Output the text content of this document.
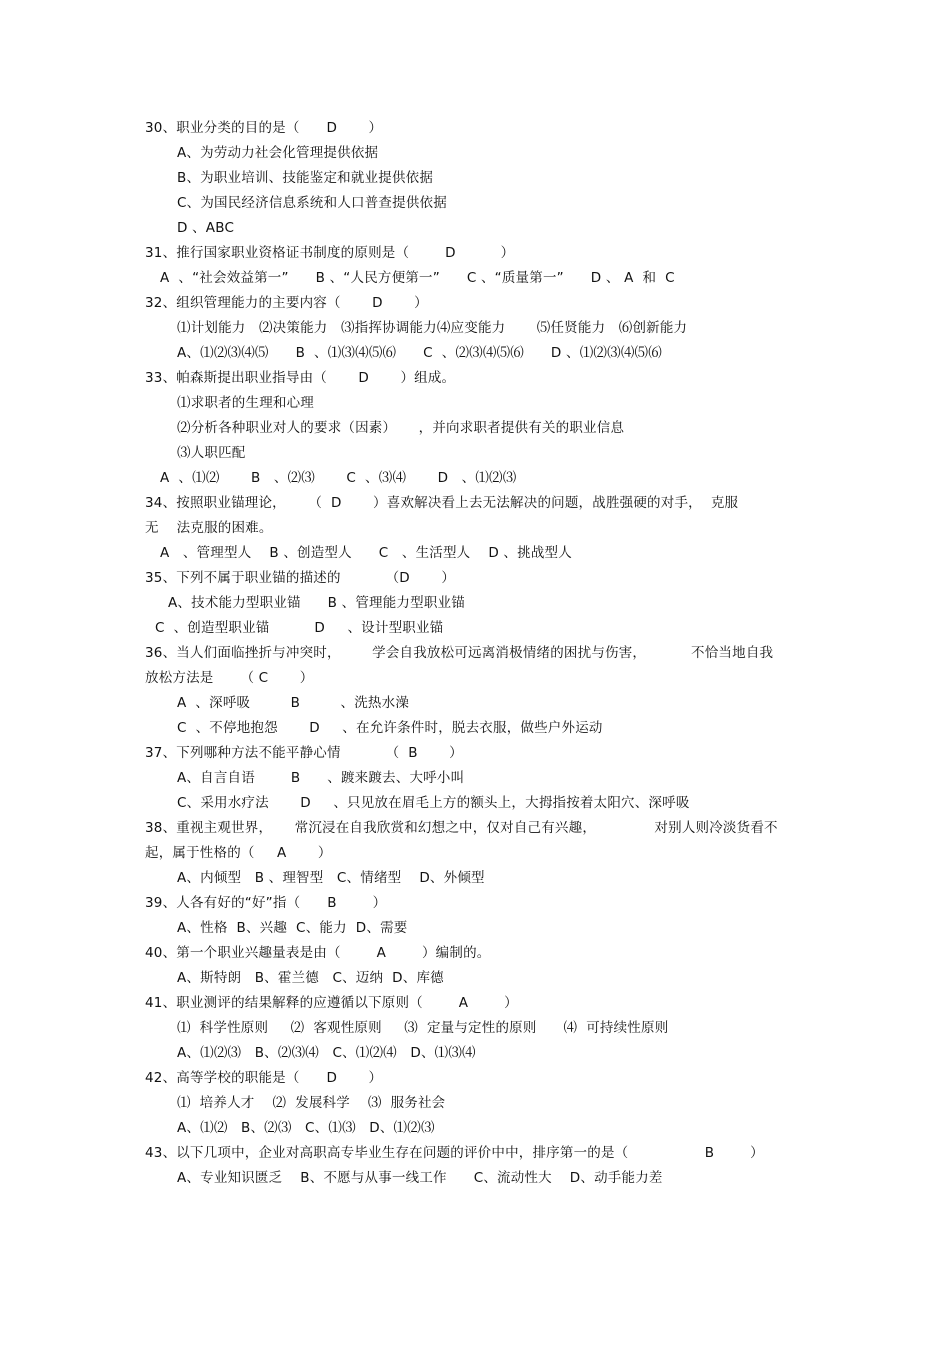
30、职业分类的目的是（      D       ）
A、为劳动力社会化管理提供依据
B、为职业培训、技能鉴定和就业提供依据
C、为国民经济信息系统和人口普查提供依据
D 、ABC
31、推行国家职业资格证书制度的原则是（        D          ）
A  、“社会效益第一”      B 、“人民方便第一”      C 、“质量第一”      D 、 A  和  C
32、组织管理能力的主要内容（       D       ）
⑴计划能力   ⑵决策能力   ⑶指挥协调能力⑷应变能力       ⑸任贤能力   ⑹创新能力
A、⑴⑵⑶⑷⑸      B  、⑴⑶⑷⑸⑹      C  、⑵⑶⑷⑸⑹      D 、⑴⑵⑶⑷⑸⑹
33、帕森斯提出职业指导由（       D       ）组成。
⑴求职者的生理和心理
⑵分析各种职业对人的要求（因素）     ，并向求职者提供有关的职业信息
⑶人职匹配
A  、⑴⑵       B   、⑵⑶       C  、⑶⑷       D   、⑴⑵⑶
34、按照职业锚理论，     （  D       ）喜欢解决看上去无法解决的问题，战胜强硬的对手，  克服
无    法克服的困难。
A   、管理型人    B 、创造型人      C   、生活型人    D 、挑战型人
35、下列不属于职业锚的描述的          （D       ）
A、技术能力型职业锚      B 、管理能力型职业锚
C  、创造型职业锚          D     、设计型职业锚
36、当人们面临挫折与冲突时，       学会自我放松可远离消极情绪的困扰与伤害，          不恰当地自我
放松方法是      （ C       ）
A  、深呼吸         B         、洗热水澡
C  、不停地抱怨       D     、在允许条件时，脱去衣服，做些户外运动
37、下列哪种方法不能平静心情          （  B       ）
A、自言自语        B      、踱来踱去、大呼小叫
C、采用水疗法       D     、只见放在眉毛上方的额头上，大拇指按着太阳穴、深呼吸
38、重视主观世界，     常沉浸在自我欣赏和幻想之中，仅对自己有兴趣，             对别人则冷淡货看不
起，属于性格的（     A       ）
A、内倾型   B 、理智型   C、情绪型    D、外倾型
39、人各有好的“好”指（      B        ）
A、性格  B、兴趣  C、能力  D、需要
40、第一个职业兴趣量表是由（        A        ）编制的。
A、斯特朗   B、霍兰德   C、迈纳  D、库德
41、职业测评的结果解释的应遵循以下原则（        A        ）
⑴  科学性原则     ⑵  客观性原则     ⑶  定量与定性的原则      ⑷  可持续性原则
A、⑴⑵⑶   B、⑵⑶⑷   C、⑴⑵⑷   D、⑴⑶⑷
42、高等学校的职能是（      D       ）
⑴  培养人才    ⑵  发展科学    ⑶  服务社会
A、⑴⑵   B、⑵⑶   C、⑴⑶   D、⑴⑵⑶
43、以下几项中，企业对高职高专毕业生存在问题的评价中中，排序第一的是（                 B        ）
A、专业知识匮乏    B、不愿与从事一线工作      C、流动性大    D、动手能力差
